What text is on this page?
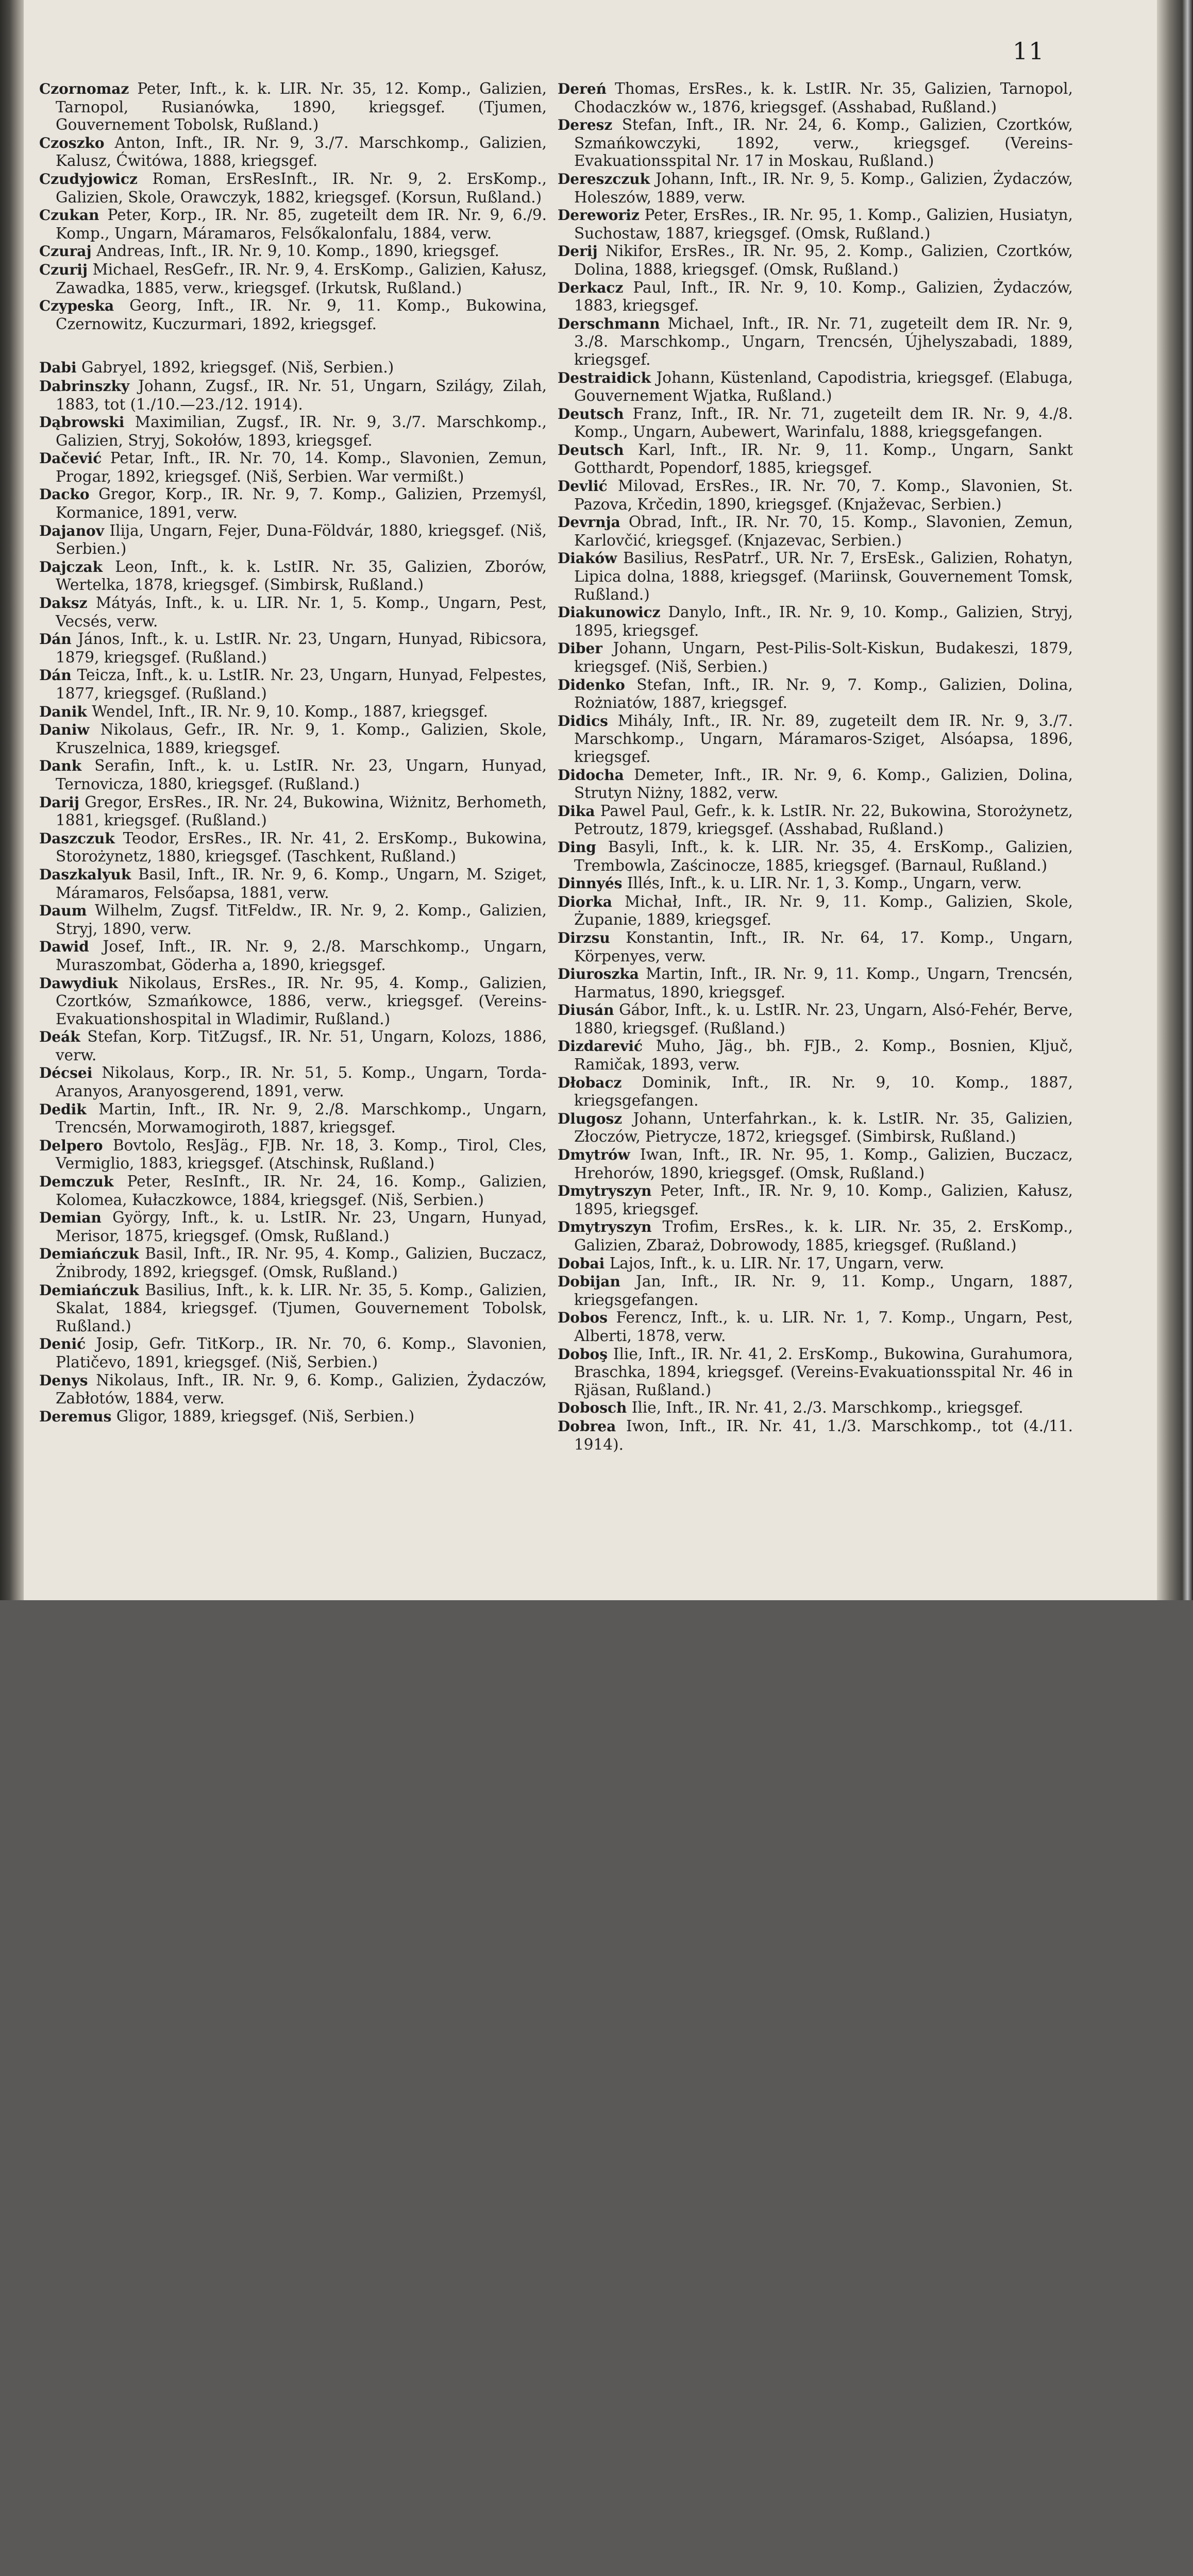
11

Czornomaz Peter, Inft., k. k. LIR. Nr. 35, 12. Komp., Galizien, Tarnopol, Rusianówka, 1890, kriegsgef. (Tjumen, Gouvernement Tobolsk, Rußland.)

Czoszko Anton, Inft., IR. Nr. 9, 3./7. Marschkomp., Galizien, Kalusz, Ćwitówa, 1888, kriegsgef.

Czudyjowicz Roman, ErsResInft., IR. Nr. 9, 2. ErsKomp., Galizien, Skole, Orawczyk, 1882, kriegsgef. (Korsun, Rußland.)

Czukan Peter, Korp., IR. Nr. 85, zugeteilt dem IR. Nr. 9, 6./9. Komp., Ungarn, Máramaros, Felsőkalonfalu, 1884, verw.

Czuraj Andreas, Inft., IR. Nr. 9, 10. Komp., 1890, kriegsgef.

Czurij Michael, ResGefr., IR. Nr. 9, 4. ErsKomp., Galizien, Kałusz, Zawadka, 1885, verw., kriegsgef. (Irkutsk, Rußland.)

Czypeska Georg, Inft., IR. Nr. 9, 11. Komp., Bukowina, Czernowitz, Kuczurmari, 1892, kriegsgef.

Dabi Gabryel, 1892, kriegsgef. (Niš, Serbien.)

Dabrinszky Johann, Zugsf., IR. Nr. 51, Ungarn, Szilágy, Zilah, 1883, tot (1./10.—23./12. 1914).

Dąbrowski Maximilian, Zugsf., IR. Nr. 9, 3./7. Marschkomp., Galizien, Stryj, Sokołów, 1893, kriegsgef.

Dačević Petar, Inft., IR. Nr. 70, 14. Komp., Slavonien, Zemun, Progar, 1892, kriegsgef. (Niš, Serbien. War vermißt.)

Dacko Gregor, Korp., IR. Nr. 9, 7. Komp., Galizien, Przemyśl, Kormanice, 1891, verw.

Dajanov Ilija, Ungarn, Fejer, Duna-Földvár, 1880, kriegsgef. (Niš, Serbien.)

Dajczak Leon, Inft., k. k. LstIR. Nr. 35, Galizien, Zborów, Wertelka, 1878, kriegsgef. (Simbirsk, Rußland.)

Daksz Mátyás, Inft., k. u. LIR. Nr. 1, 5. Komp., Ungarn, Pest, Vecsés, verw.

Dán János, Inft., k. u. LstIR. Nr. 23, Ungarn, Hunyad, Ribicsora, 1879, kriegsgef. (Rußland.)

Dán Teicza, Inft., k. u. LstIR. Nr. 23, Ungarn, Hunyad, Felpestes, 1877, kriegsgef. (Rußland.)

Danik Wendel, Inft., IR. Nr. 9, 10. Komp., 1887, kriegsgef.

Daniw Nikolaus, Gefr., IR. Nr. 9, 1. Komp., Galizien, Skole, Kruszelnica, 1889, kriegsgef.

Dank Serafin, Inft., k. u. LstIR. Nr. 23, Ungarn, Hunyad, Ternovicza, 1880, kriegsgef. (Rußland.)

Darij Gregor, ErsRes., IR. Nr. 24, Bukowina, Wiżnitz, Berhometh, 1881, kriegsgef. (Rußland.)

Daszczuk Teodor, ErsRes., IR. Nr. 41, 2. ErsKomp., Bukowina, Storożynetz, 1880, kriegsgef. (Taschkent, Rußland.)

Daszkalyuk Basil, Inft., IR. Nr. 9, 6. Komp., Ungarn, M. Sziget, Máramaros, Felsőapsa, 1881, verw.

Daum Wilhelm, Zugsf. TitFeldw., IR. Nr. 9, 2. Komp., Galizien, Stryj, 1890, verw.

Dawid Josef, Inft., IR. Nr. 9, 2./8. Marschkomp., Ungarn, Muraszombat, Göderha a, 1890, kriegsgef.

Dawydiuk Nikolaus, ErsRes., IR. Nr. 95, 4. Komp., Galizien, Czortków, Szmańkowce, 1886, verw., kriegsgef. (Vereins-Evakuationshospital in Wladimir, Rußland.)

Deák Stefan, Korp. TitZugsf., IR. Nr. 51, Ungarn, Kolozs, 1886, verw.

Décsei Nikolaus, Korp., IR. Nr. 51, 5. Komp., Ungarn, Torda-Aranyos, Aranyosgerend, 1891, verw.

Dedik Martin, Inft., IR. Nr. 9, 2./8. Marschkomp., Ungarn, Trencsén, Morwamogiroth, 1887, kriegsgef.

Delpero Bovtolo, ResJäg., FJB. Nr. 18, 3. Komp., Tirol, Cles, Vermiglio, 1883, kriegsgef. (Atschinsk, Rußland.)

Demczuk Peter, ResInft., IR. Nr. 24, 16. Komp., Galizien, Kolomea, Kułaczkowce, 1884, kriegsgef. (Niš, Serbien.)

Demian György, Inft., k. u. LstIR. Nr. 23, Ungarn, Hunyad, Merisor, 1875, kriegsgef. (Omsk, Rußland.)

Demiańczuk Basil, Inft., IR. Nr. 95, 4. Komp., Galizien, Buczacz, Żnibrody, 1892, kriegsgef. (Omsk, Rußland.)

Demiańczuk Basilius, Inft., k. k. LIR. Nr. 35, 5. Komp., Galizien, Skalat, 1884, kriegsgef. (Tjumen, Gouvernement Tobolsk, Rußland.)

Denić Josip, Gefr. TitKorp., IR. Nr. 70, 6. Komp., Slavonien, Platičevo, 1891, kriegsgef. (Niš, Serbien.)

Denys Nikolaus, Inft., IR. Nr. 9, 6. Komp., Galizien, Żydaczów, Zabłotów, 1884, verw.

Deremus Gligor, 1889, kriegsgef. (Niš, Serbien.)

Dereń Thomas, ErsRes., k. k. LstIR. Nr. 35, Galizien, Tarnopol, Chodaczków w., 1876, kriegsgef. (Asshabad, Rußland.)

Deresz Stefan, Inft., IR. Nr. 24, 6. Komp., Galizien, Czortków, Szmańkowczyki, 1892, verw., kriegsgef. (Vereins-Evakuationsspital Nr. 17 in Moskau, Rußland.)

Dereszczuk Johann, Inft., IR. Nr. 9, 5. Komp., Galizien, Żydaczów, Holeszów, 1889, verw.

Dereworiz Peter, ErsRes., IR. Nr. 95, 1. Komp., Galizien, Husiatyn, Suchostaw, 1887, kriegsgef. (Omsk, Rußland.)

Derij Nikifor, ErsRes., IR. Nr. 95, 2. Komp., Galizien, Czortków, Dolina, 1888, kriegsgef. (Omsk, Rußland.)

Derkacz Paul, Inft., IR. Nr. 9, 10. Komp., Galizien, Żydaczów, 1883, kriegsgef.

Derschmann Michael, Inft., IR. Nr. 71, zugeteilt dem IR. Nr. 9, 3./8. Marschkomp., Ungarn, Trencsén, Újhelyszabadi, 1889, kriegsgef.

Destraidick Johann, Küstenland, Capodistria, kriegsgef. (Elabuga, Gouvernement Wjatka, Rußland.)

Deutsch Franz, Inft., IR. Nr. 71, zugeteilt dem IR. Nr. 9, 4./8. Komp., Ungarn, Aubewert, Warinfalu, 1888, kriegsgefangen.

Deutsch Karl, Inft., IR. Nr. 9, 11. Komp., Ungarn, Sankt Gotthardt, Popendorf, 1885, kriegsgef.

Devlić Milovad, ErsRes., IR. Nr. 70, 7. Komp., Slavonien, St. Pazova, Krčedin, 1890, kriegsgef. (Knjaževac, Serbien.)

Devrnja Obrad, Inft., IR. Nr. 70, 15. Komp., Slavonien, Zemun, Karlovčić, kriegsgef. (Knjazevac, Serbien.)

Diaków Basilius, ResPatrf., UR. Nr. 7, ErsEsk., Galizien, Rohatyn, Lipica dolna, 1888, kriegsgef. (Mariinsk, Gouvernement Tomsk, Rußland.)

Diakunowicz Danylo, Inft., IR. Nr. 9, 10. Komp., Galizien, Stryj, 1895, kriegsgef.

Diber Johann, Ungarn, Pest-Pilis-Solt-Kiskun, Budakeszi, 1879, kriegsgef. (Niš, Serbien.)

Didenko Stefan, Inft., IR. Nr. 9, 7. Komp., Galizien, Dolina, Rożniatów, 1887, kriegsgef.

Didics Mihály, Inft., IR. Nr. 89, zugeteilt dem IR. Nr. 9, 3./7. Marschkomp., Ungarn, Máramaros-Sziget, Alsóapsa, 1896, kriegsgef.

Didocha Demeter, Inft., IR. Nr. 9, 6. Komp., Galizien, Dolina, Strutyn Niżny, 1882, verw.

Dika Pawel Paul, Gefr., k. k. LstIR. Nr. 22, Bukowina, Storożynetz, Petroutz, 1879, kriegsgef. (Asshabad, Rußland.)

Ding Basyli, Inft., k. k. LIR. Nr. 35, 4. ErsKomp., Galizien, Trembowla, Zaścinocze, 1885, kriegsgef. (Barnaul, Rußland.)

Dinnyés Illés, Inft., k. u. LIR. Nr. 1, 3. Komp., Ungarn, verw.

Diorka Michał, Inft., IR. Nr. 9, 11. Komp., Galizien, Skole, Żupanie, 1889, kriegsgef.

Dirzsu Konstantin, Inft., IR. Nr. 64, 17. Komp., Ungarn, Körpenyes, verw.

Diuroszka Martin, Inft., IR. Nr. 9, 11. Komp., Ungarn, Trencsén, Harmatus, 1890, kriegsgef.

Diusán Gábor, Inft., k. u. LstIR. Nr. 23, Ungarn, Alsó-Fehér, Berve, 1880, kriegsgef. (Rußland.)

Dizdarević Muho, Jäg., bh. FJB., 2. Komp., Bosnien, Ključ, Ramičak, 1893, verw.

Dłobacz Dominik, Inft., IR. Nr. 9, 10. Komp., 1887, kriegsgefangen.

Dlugosz Johann, Unterfahrkan., k. k. LstIR. Nr. 35, Galizien, Złoczów, Pietrycze, 1872, kriegsgef. (Simbirsk, Rußland.)

Dmytrów Iwan, Inft., IR. Nr. 95, 1. Komp., Galizien, Buczacz, Hrehorów, 1890, kriegsgef. (Omsk, Rußland.)

Dmytryszyn Peter, Inft., IR. Nr. 9, 10. Komp., Galizien, Kałusz, 1895, kriegsgef.

Dmytryszyn Trofim, ErsRes., k. k. LIR. Nr. 35, 2. ErsKomp., Galizien, Zbaraż, Dobrowody, 1885, kriegsgef. (Rußland.)

Dobai Lajos, Inft., k. u. LIR. Nr. 17, Ungarn, verw.

Dobijan Jan, Inft., IR. Nr. 9, 11. Komp., Ungarn, 1887, kriegsgefangen.

Dobos Ferencz, Inft., k. u. LIR. Nr. 1, 7. Komp., Ungarn, Pest, Alberti, 1878, verw.

Doboş Ilie, Inft., IR. Nr. 41, 2. ErsKomp., Bukowina, Gurahumora, Braschka, 1894, kriegsgef. (Vereins-Evakuationsspital Nr. 46 in Rjäsan, Rußland.)

Dobosch Ilie, Inft., IR. Nr. 41, 2./3. Marschkomp., kriegsgef.

Dobrea Iwon, Inft., IR. Nr. 41, 1./3. Marschkomp., tot (4./11. 1914).
